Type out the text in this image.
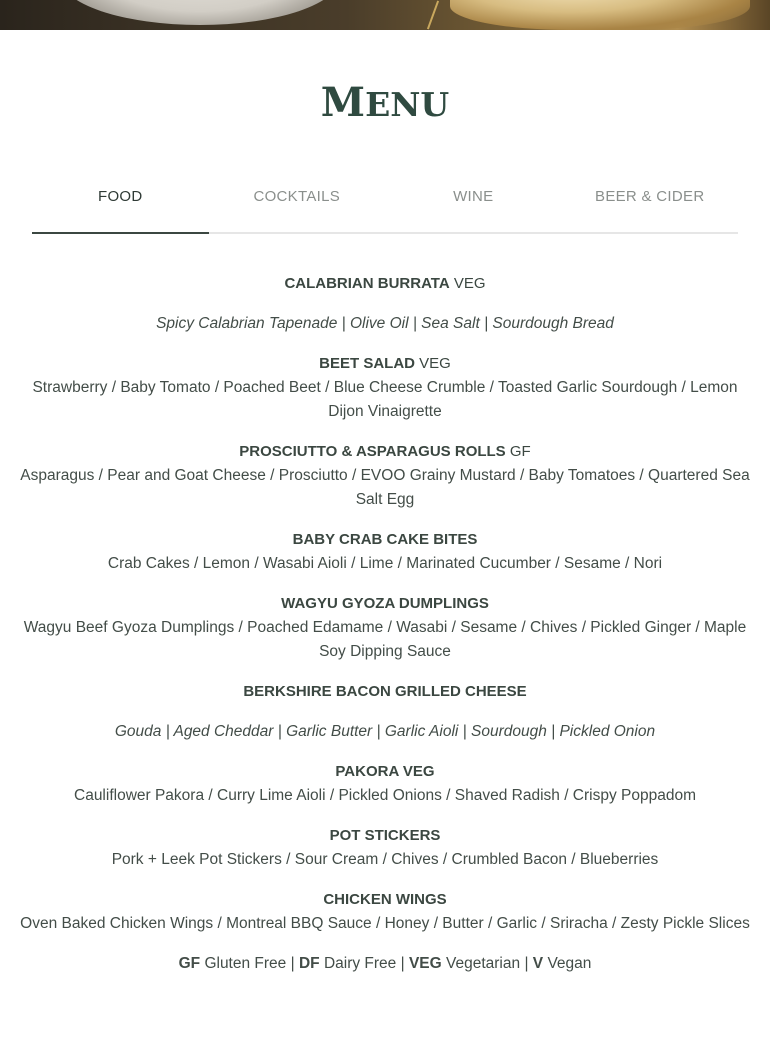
MENU
FOOD	COCKTAILS	WINE	BEER & CIDER
CALABRIAN BURRATA VEG
Spicy Calabrian Tapenade | Olive Oil | Sea Salt | Sourdough Bread
BEET SALAD VEG
Strawberry / Baby Tomato / Poached Beet / Blue Cheese Crumble / Toasted Garlic Sourdough / Lemon Dijon Vinaigrette
PROSCIUTTO & ASPARAGUS ROLLS GF
Asparagus / Pear and Goat Cheese / Prosciutto / EVOO Grainy Mustard / Baby Tomatoes / Quartered Sea Salt Egg
BABY CRAB CAKE BITES
Crab Cakes / Lemon / Wasabi Aioli / Lime / Marinated Cucumber / Sesame / Nori
WAGYU GYOZA DUMPLINGS
Wagyu Beef Gyoza Dumplings / Poached Edamame / Wasabi / Sesame / Chives / Pickled Ginger / Maple Soy Dipping Sauce
BERKSHIRE BACON GRILLED CHEESE
Gouda | Aged Cheddar | Garlic Butter | Garlic Aioli | Sourdough | Pickled Onion
PAKORA VEG
Cauliflower Pakora / Curry Lime Aioli / Pickled Onions / Shaved Radish / Crispy Poppadom
POT STICKERS
Pork + Leek Pot Stickers / Sour Cream / Chives / Crumbled Bacon / Blueberries
CHICKEN WINGS
Oven Baked Chicken Wings / Montreal BBQ Sauce / Honey / Butter / Garlic / Sriracha / Zesty Pickle Slices
GF Gluten Free | DF Dairy Free | VEG Vegetarian | V Vegan
